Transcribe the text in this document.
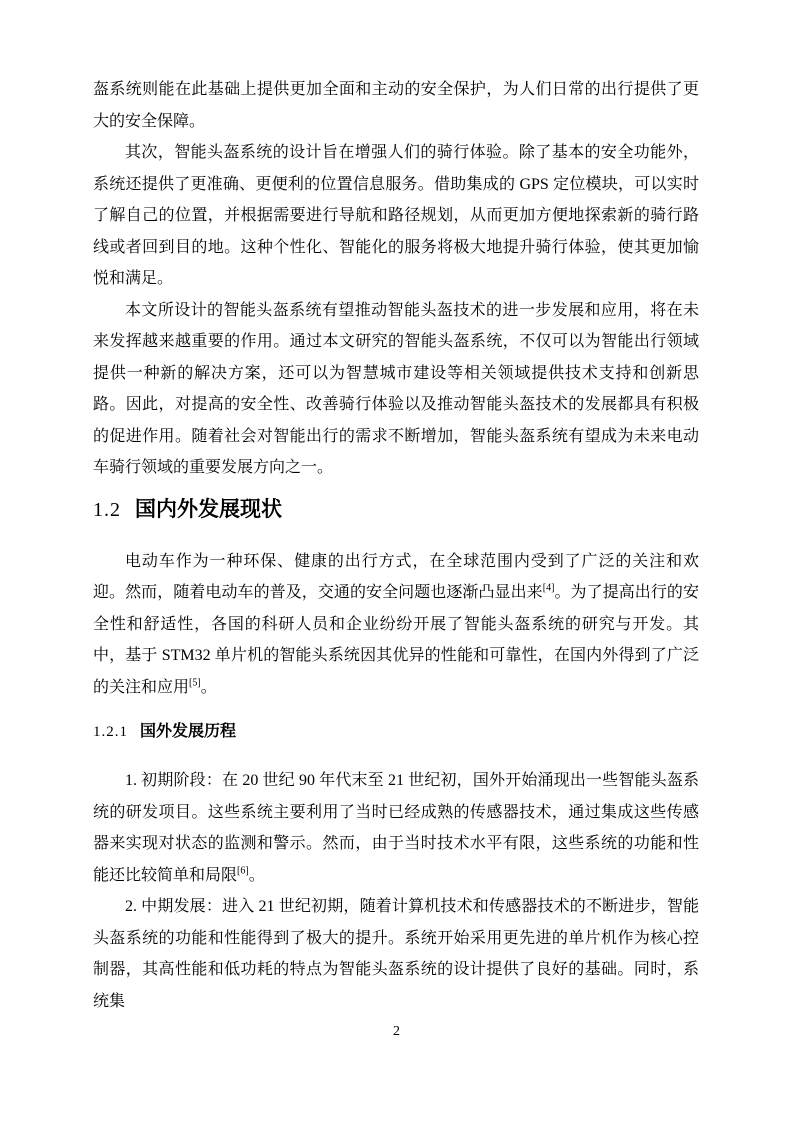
盔系统则能在此基础上提供更加全面和主动的安全保护，为人们日常的出行提供了更大的安全保障。

其次，智能头盔系统的设计旨在增强人们的骑行体验。除了基本的安全功能外，系统还提供了更准确、更便利的位置信息服务。借助集成的 GPS 定位模块，可以实时了解自己的位置，并根据需要进行导航和路径规划，从而更加方便地探索新的骑行路线或者回到目的地。这种个性化、智能化的服务将极大地提升骑行体验，使其更加愉悦和满足。

本文所设计的智能头盔系统有望推动智能头盔技术的进一步发展和应用，将在未来发挥越来越重要的作用。通过本文研究的智能头盔系统，不仅可以为智能出行领域提供一种新的解决方案，还可以为智慧城市建设等相关领域提供技术支持和创新思路。因此，对提高的安全性、改善骑行体验以及推动智能头盔技术的发展都具有积极的促进作用。随着社会对智能出行的需求不断增加，智能头盔系统有望成为未来电动车骑行领域的重要发展方向之一。

1.2 国内外发展现状

电动车作为一种环保、健康的出行方式，在全球范围内受到了广泛的关注和欢迎。然而，随着电动车的普及，交通的安全问题也逐渐凸显出来[4]。为了提高出行的安全性和舒适性，各国的科研人员和企业纷纷开展了智能头盔系统的研究与开发。其中，基于 STM32 单片机的智能头系统因其优异的性能和可靠性，在国内外得到了广泛的关注和应用[5]。

1.2.1 国外发展历程

1. 初期阶段：在 20 世纪 90 年代末至 21 世纪初，国外开始涌现出一些智能头盔系统的研发项目。这些系统主要利用了当时已经成熟的传感器技术，通过集成这些传感器来实现对状态的监测和警示。然而，由于当时技术水平有限，这些系统的功能和性能还比较简单和局限[6]。

2. 中期发展：进入 21 世纪初期，随着计算机技术和传感器技术的不断进步，智能头盔系统的功能和性能得到了极大的提升。系统开始采用更先进的单片机作为核心控制器，其高性能和低功耗的特点为智能头盔系统的设计提供了良好的基础。同时，系统集

2
